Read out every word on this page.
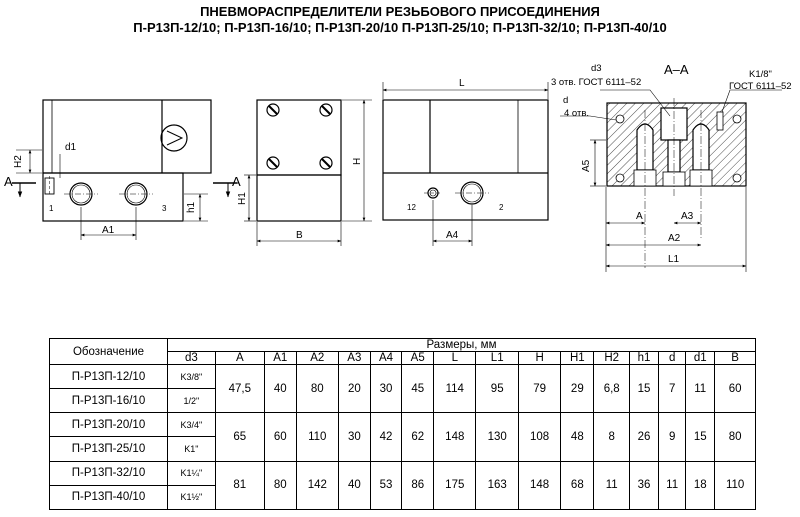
ПНЕВМОРАСПРЕДЕЛИТЕЛИ РЕЗЬБОВОГО ПРИСОЕДИНЕНИЯ
П-Р13П-12/10; П-Р13П-16/10; П-Р13П-20/10 П-Р13П-25/10; П-Р13П-32/10; П-Р13П-40/10
A	A
H2
d1
h1
A1
1	3
H
H1
B
L
A4
12	2
А–А
d3
3 отв. ГОСТ 6111–52
d
4 отв.
K1/8"
ГОСТ 6111–52
A5
A	A3
A2
L1
Обозначение	Размеры, мм															
	d3	A	A1	A2	A3	A4	A5	L	L1	H	H1	H2	h1	d	d1	B
П-Р13П-12/10	K3/8"	47,5	40	80	20	30	45	114	95	79	29	6,8	15	7	11	60
П-Р13П-16/10	1/2"															
П-Р13П-20/10	K3/4"	65	60	110	30	42	62	148	130	108	48	8	26	9	15	80
П-Р13П-25/10	K1"															
П-Р13П-32/10	K1¼"	81	80	142	40	53	86	175	163	148	68	11	36	11	18	110
П-Р13П-40/10	K1½"															
